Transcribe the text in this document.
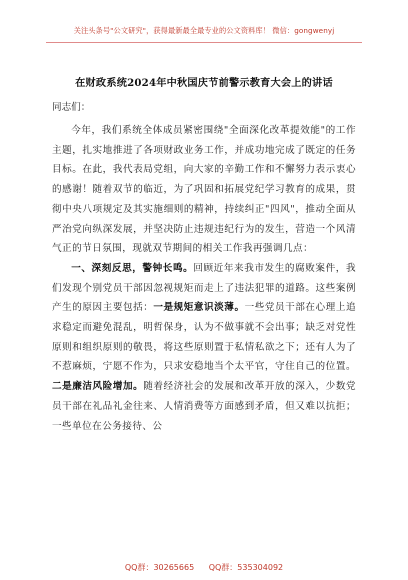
关注头条号"公文研究"，获得最新最全最专业的公文资料库！ 微信：gongwenyj
在财政系统2024年中秋国庆节前警示教育大会上的讲话
同志们：

今年，我们系统全体成员紧密围绕"全面深化改革提效能"的工作主题，扎实地推进了各项财政业务工作，并成功地完成了既定的任务目标。在此，我代表局党组，向大家的辛勤工作和不懈努力表示衷心的感谢！随着双节的临近，为了巩固和拓展党纪学习教育的成果，贯彻中央八项规定及其实施细则的精神，持续纠正"四风"，推动全面从严治党向纵深发展，并坚决防止违规违纪行为的发生，营造一个风清气正的节日氛围，现就双节期间的相关工作我再强调几点：

一、深刻反思，警钟长鸣。回顾近年来我市发生的腐败案件，我们发现个别党员干部因忽视规矩而走上了违法犯罪的道路。这些案例产生的原因主要包括：一是规矩意识淡薄。一些党员干部在心理上追求稳定而避免混乱，明哲保身，认为不做事就不会出事；缺乏对党性原则和组织原则的敬畏，将这些原则置于私情私欲之下；还有人为了不惹麻烦，宁愿不作为，只求安稳地当个太平官，守住自己的位置。二是廉洁风险增加。随着经济社会的发展和改革开放的深入，少数党员干部在礼品礼金往来、人情消费等方面感到矛盾，但又难以抗拒；一些单位在公务接待、公

QQ群：30265665 QQ群：535304092
